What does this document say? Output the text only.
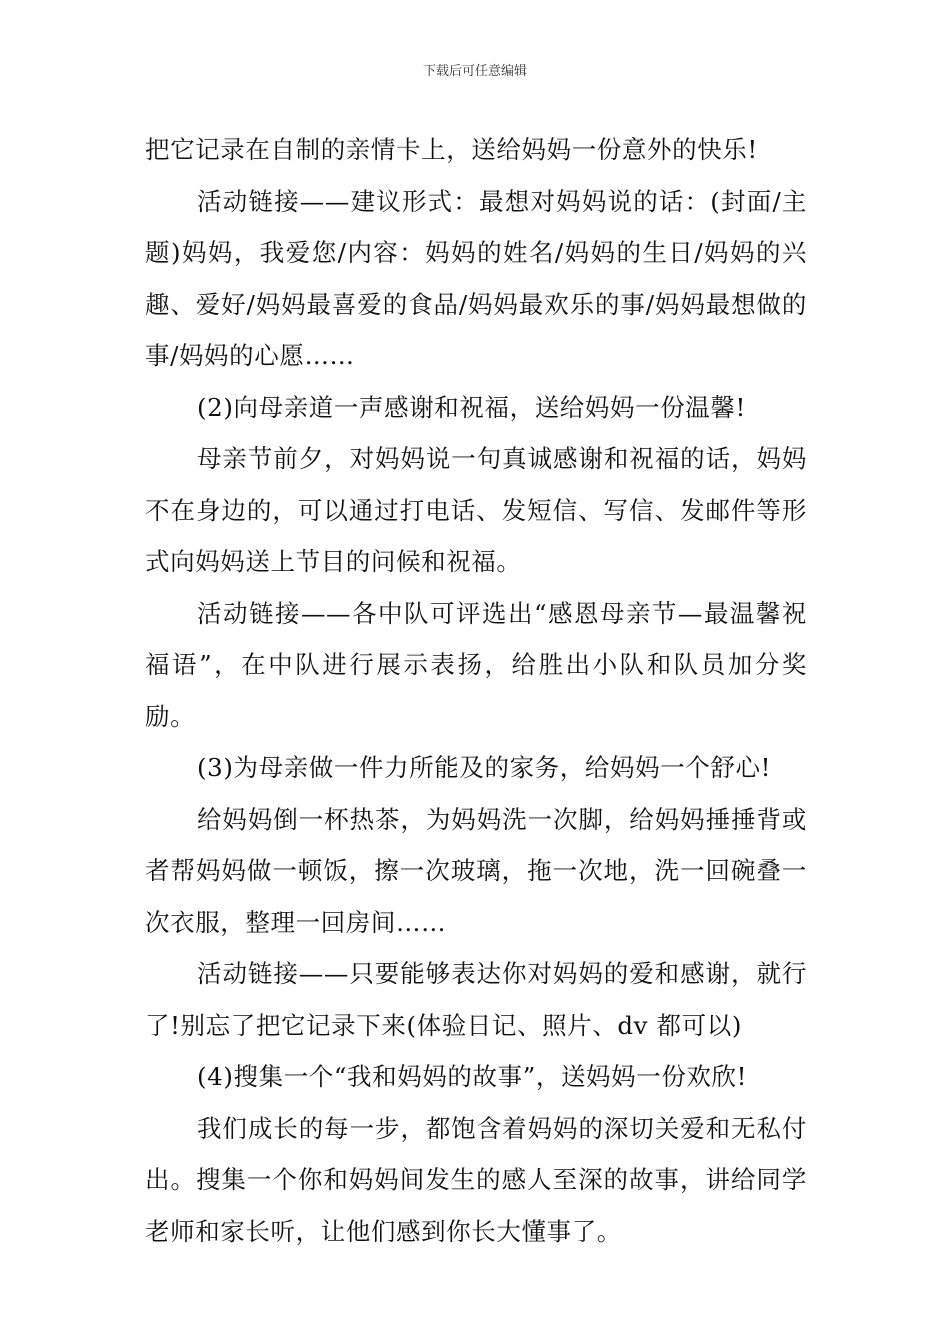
下载后可任意编辑

把它记录在自制的亲情卡上，送给妈妈一份意外的快乐!

活动链接——建议形式：最想对妈妈说的话：(封面/主题)妈妈，我爱您/内容：妈妈的姓名/妈妈的生日/妈妈的兴趣、爱好/妈妈最喜爱的食品/妈妈最欢乐的事/妈妈最想做的事/妈妈的心愿……

(2)向母亲道一声感谢和祝福，送给妈妈一份温馨!

母亲节前夕，对妈妈说一句真诚感谢和祝福的话，妈妈不在身边的，可以通过打电话、发短信、写信、发邮件等形式向妈妈送上节目的问候和祝福。

活动链接——各中队可评选出“感恩母亲节—最温馨祝福语”，在中队进行展示表扬，给胜出小队和队员加分奖励。

(3)为母亲做一件力所能及的家务，给妈妈一个舒心!

给妈妈倒一杯热茶，为妈妈洗一次脚，给妈妈捶捶背或者帮妈妈做一顿饭，擦一次玻璃，拖一次地，洗一回碗叠一次衣服，整理一回房间……

活动链接——只要能够表达你对妈妈的爱和感谢，就行了!别忘了把它记录下来(体验日记、照片、dv 都可以)

(4)搜集一个“我和妈妈的故事”，送妈妈一份欢欣!

我们成长的每一步，都饱含着妈妈的深切关爱和无私付出。搜集一个你和妈妈间发生的感人至深的故事，讲给同学老师和家长听，让他们感到你长大懂事了。
